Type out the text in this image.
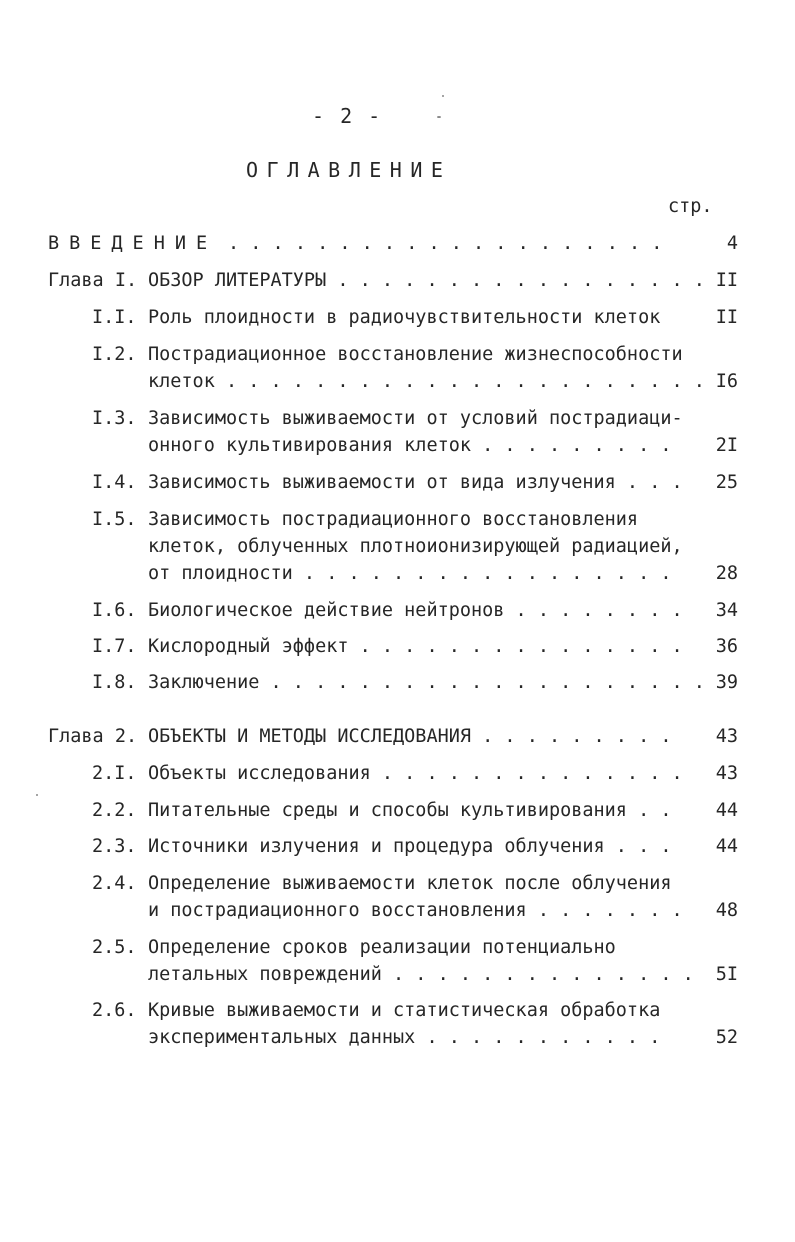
- 2 -
ОГЛАВЛЕНИЕ
стр.
ВВЕДЕНИЕ . . . . . . . . . . . . . . . . . . . .	4
Глава I. ОБЗОР ЛИТЕРАТУРЫ . . . . . . . . . . . . . . . . . II
I.I. Роль плоидности в радиочувствительности клеток	II
I.2. Пострадиационное восстановление жизнеспособности
клеток . . . . . . . . . . . . . . . . . . . . . . I6
I.3. Зависимость выживаемости от условий пострадиаци-
онного культивирования клеток . . . . . . . . . 2I
I.4. Зависимость выживаемости от вида излучения . . . 25
I.5. Зависимость пострадиационного восстановления
клеток, облученных плотноионизирующей радиацией,
от плоидности . . . . . . . . . . . . . . . . . 28
I.6. Биологическое действие нейтронов . . . . . . . . 34
I.7. Кислородный эффект . . . . . . . . . . . . . . . 36
I.8. Заключение . . . . . . . . . . . . . . . . . . . . 39
Глава 2. ОБЪЕКТЫ И МЕТОДЫ ИССЛЕДОВАНИЯ . . . . . . . . . 43
2.I. Объекты исследования . . . . . . . . . . . . . . 43
2.2. Питательные среды и способы культивирования . . 44
2.3. Источники излучения и процедура облучения . . . 44
2.4. Определение выживаемости клеток после облучения
и пострадиационного восстановления . . . . . . . 48
2.5. Определение сроков реализации потенциально
летальных повреждений . . . . . . . . . . . . . . 5I
2.6. Кривые выживаемости и статистическая обработка
экспериментальных данных . . . . . . . . . . .	52
